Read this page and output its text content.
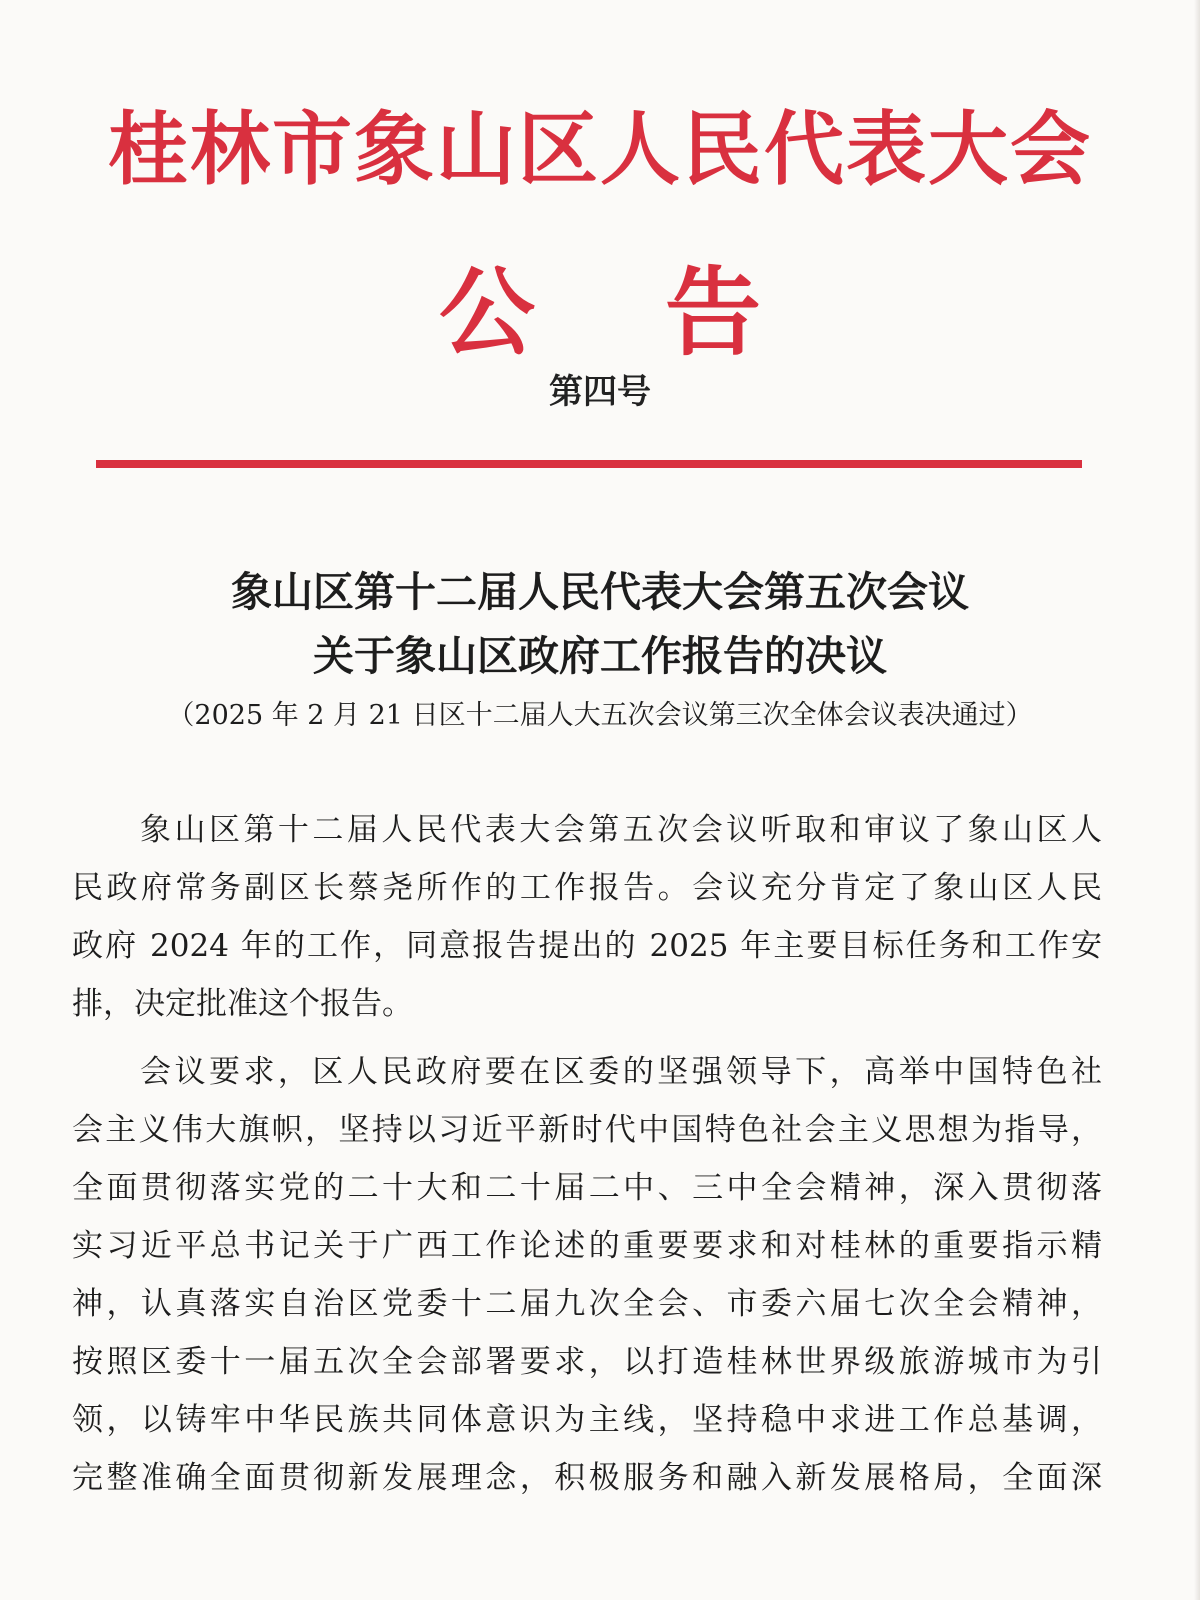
桂林市象山区人民代表大会
公告
第四号
象山区第十二届人民代表大会第五次会议
关于象山区政府工作报告的决议
（2025 年 2 月 21 日区十二届人大五次会议第三次全体会议表决通过）
象山区第十二届人民代表大会第五次会议听取和审议了象山区人
民政府常务副区长蔡尧所作的工作报告。会议充分肯定了象山区人民
政府 2024 年的工作，同意报告提出的 2025 年主要目标任务和工作安
排，决定批准这个报告。
会议要求，区人民政府要在区委的坚强领导下，高举中国特色社
会主义伟大旗帜，坚持以习近平新时代中国特色社会主义思想为指导，
全面贯彻落实党的二十大和二十届二中、三中全会精神，深入贯彻落
实习近平总书记关于广西工作论述的重要要求和对桂林的重要指示精
神，认真落实自治区党委十二届九次全会、市委六届七次全会精神，
按照区委十一届五次全会部署要求，以打造桂林世界级旅游城市为引
领，以铸牢中华民族共同体意识为主线，坚持稳中求进工作总基调，
完整准确全面贯彻新发展理念，积极服务和融入新发展格局，全面深
